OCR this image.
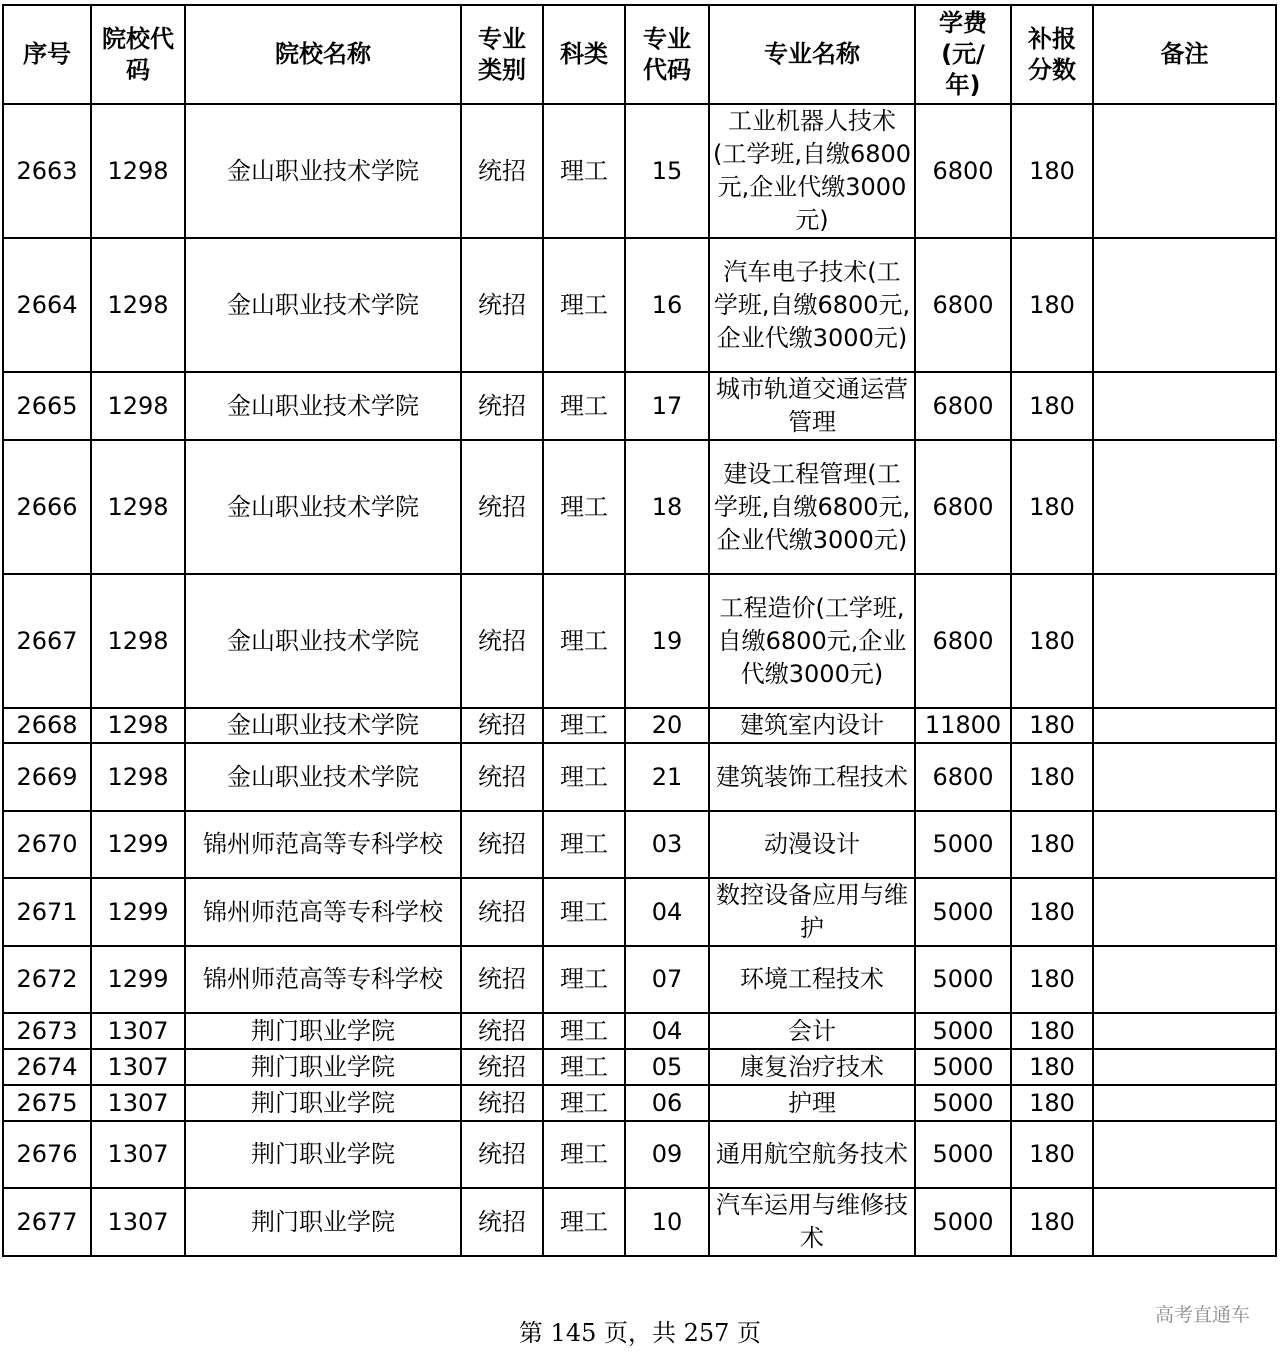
序号	院校代码	院校名称	专业类别	科类	专业代码	专业名称	学费(元/年)	补报分数	备注
2663	1298	金山职业技术学院	统招	理工	15	工业机器人技术(工学班,自缴6800元,企业代缴3000元)	6800	180	
2664	1298	金山职业技术学院	统招	理工	16	汽车电子技术(工学班,自缴6800元,企业代缴3000元)	6800	180	
2665	1298	金山职业技术学院	统招	理工	17	城市轨道交通运营管理	6800	180	
2666	1298	金山职业技术学院	统招	理工	18	建设工程管理(工学班,自缴6800元,企业代缴3000元)	6800	180	
2667	1298	金山职业技术学院	统招	理工	19	工程造价(工学班,自缴6800元,企业代缴3000元)	6800	180	
2668	1298	金山职业技术学院	统招	理工	20	建筑室内设计	11800	180	
2669	1298	金山职业技术学院	统招	理工	21	建筑装饰工程技术	6800	180	
2670	1299	锦州师范高等专科学校	统招	理工	03	动漫设计	5000	180	
2671	1299	锦州师范高等专科学校	统招	理工	04	数控设备应用与维护	5000	180	
2672	1299	锦州师范高等专科学校	统招	理工	07	环境工程技术	5000	180	
2673	1307	荆门职业学院	统招	理工	04	会计	5000	180	
2674	1307	荆门职业学院	统招	理工	05	康复治疗技术	5000	180	
2675	1307	荆门职业学院	统招	理工	06	护理	5000	180	
2676	1307	荆门职业学院	统招	理工	09	通用航空航务技术	5000	180	
2677	1307	荆门职业学院	统招	理工	10	汽车运用与维修技术	5000	180	
第 145 页，共 257 页
高考直通车
